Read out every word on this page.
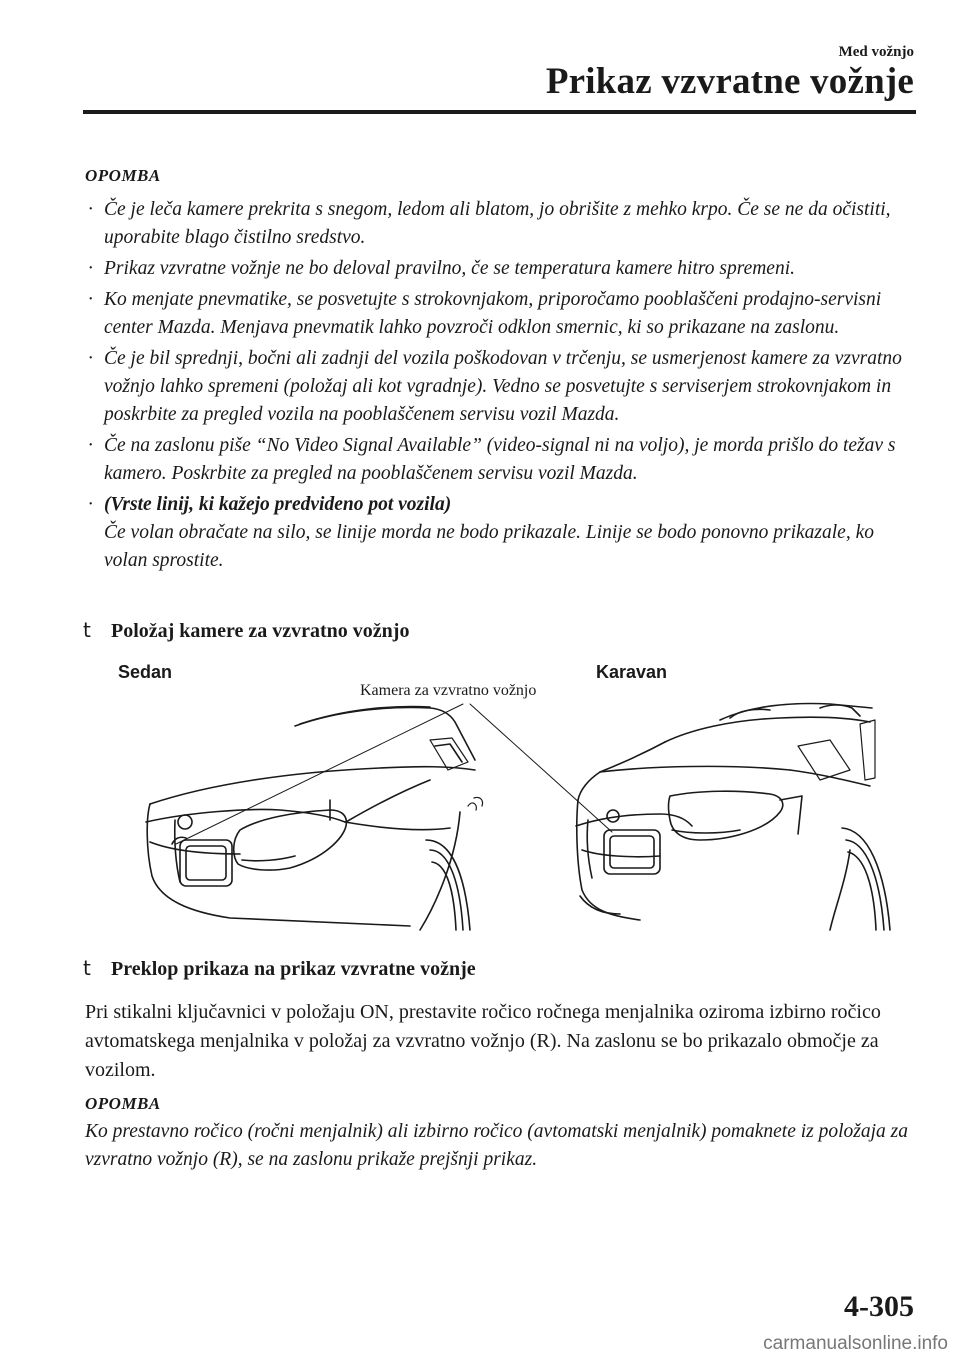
Med vožnjo
Prikaz vzvratne vožnje
OPOMBA
· Če je leča kamere prekrita s snegom, ledom ali blatom, jo obrišite z mehko krpo. Če se ne da očistiti, uporabite blago čistilno sredstvo.
· Prikaz vzvratne vožnje ne bo deloval pravilno, če se temperatura kamere hitro spremeni.
· Ko menjate pnevmatike, se posvetujte s strokovnjakom, priporočamo pooblaščeni prodajno-servisni center Mazda. Menjava pnevmatik lahko povzroči odklon smernic, ki so prikazane na zaslonu.
· Če je bil sprednji, bočni ali zadnji del vozila poškodovan v trčenju, se usmerjenost kamere za vzvratno vožnjo lahko spremeni (položaj ali kot vgradnje). Vedno se posvetujte s serviserjem strokovnjakom in poskrbite za pregled vozila na pooblaščenem servisu vozil Mazda.
· Če na zaslonu piše “No Video Signal Available” (video-signal ni na voljo), je morda prišlo do težav s kamero. Poskrbite za pregled na pooblaščenem servisu vozil Mazda.
· (Vrste linij, ki kažejo predvideno pot vozila)
Če volan obračate na silo, se linije morda ne bodo prikazale. Linije se bodo ponovno prikazale, ko volan sprostite.
t Položaj kamere za vzvratno vožnjo
Sedan	Karavan
Kamera za vzvratno vožnjo
t Preklop prikaza na prikaz vzvratne vožnje

Pri stikalni ključavnici v položaju ON, prestavite ročico ročnega menjalnika oziroma izbirno ročico avtomatskega menjalnika v položaj za vzvratno vožnjo (R). Na zaslonu se bo prikazalo območje za vozilom.

OPOMBA

Ko prestavno ročico (ročni menjalnik) ali izbirno ročico (avtomatski menjalnik) pomaknete iz položaja za vzvratno vožnjo (R), se na zaslonu prikaže prejšnji prikaz.

4-305
carmanualsonline.info
